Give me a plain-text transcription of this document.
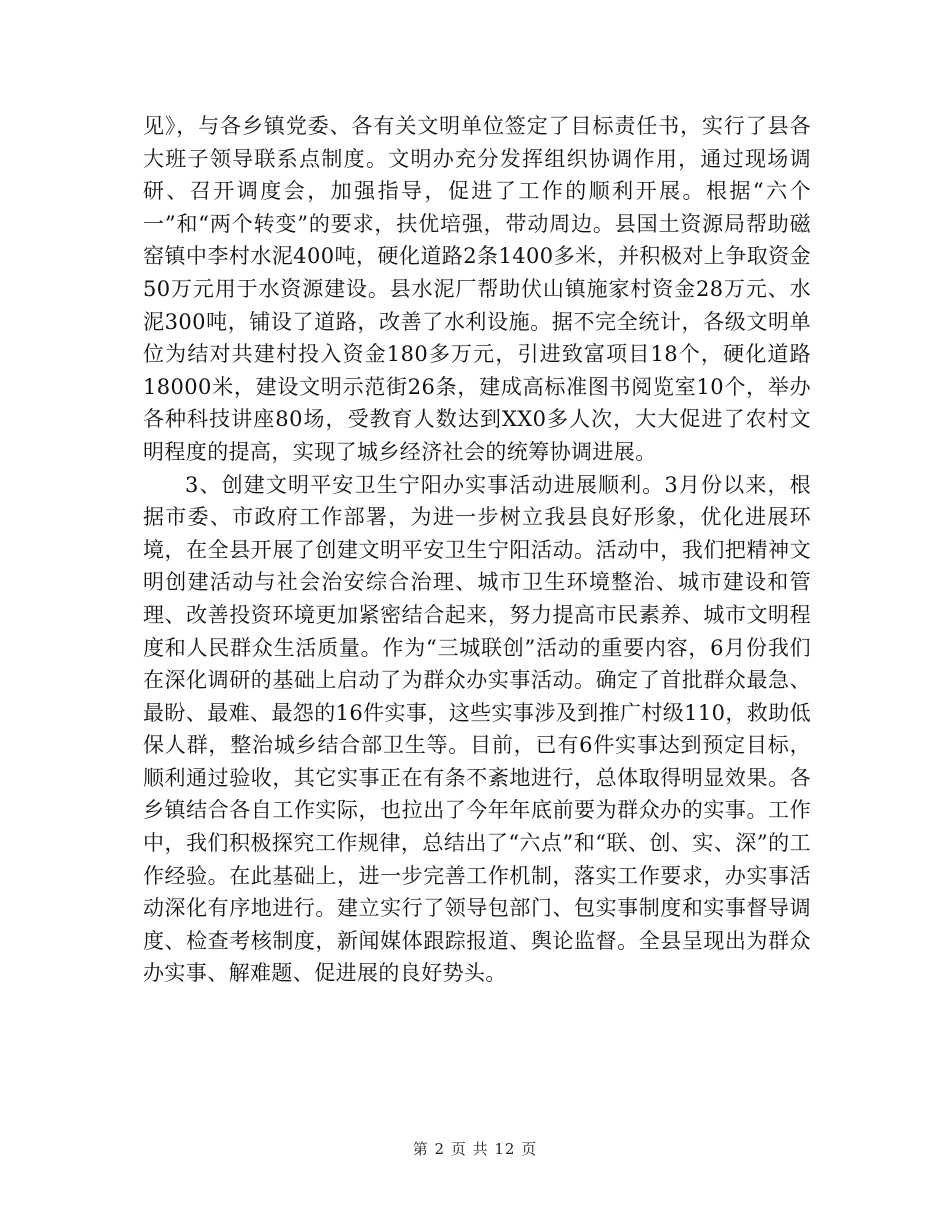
见》，与各乡镇党委、各有关文明单位签定了目标责任书，实行了县各大班子领导联系点制度。文明办充分发挥组织协调作用，通过现场调研、召开调度会，加强指导，促进了工作的顺利开展。根据“六个一”和“两个转变”的要求，扶优培强，带动周边。县国土资源局帮助磁窑镇中李村水泥400吨，硬化道路2条1400多米，并积极对上争取资金50万元用于水资源建设。县水泥厂帮助伏山镇施家村资金28万元、水泥300吨，铺设了道路，改善了水利设施。据不完全统计，各级文明单位为结对共建村投入资金180多万元，引进致富项目18个，硬化道路18000米，建设文明示范街26条，建成高标准图书阅览室10个，举办各种科技讲座80场，受教育人数达到XX0多人次，大大促进了农村文明程度的提高，实现了城乡经济社会的统筹协调进展。

3、创建文明平安卫生宁阳办实事活动进展顺利。3月份以来，根据市委、市政府工作部署，为进一步树立我县良好形象，优化进展环境，在全县开展了创建文明平安卫生宁阳活动。活动中，我们把精神文明创建活动与社会治安综合治理、城市卫生环境整治、城市建设和管理、改善投资环境更加紧密结合起来，努力提高市民素养、城市文明程度和人民群众生活质量。作为“三城联创”活动的重要内容，6月份我们在深化调研的基础上启动了为群众办实事活动。确定了首批群众最急、最盼、最难、最怨的16件实事，这些实事涉及到推广村级110，救助低保人群，整治城乡结合部卫生等。目前，已有6件实事达到预定目标，顺利通过验收，其它实事正在有条不紊地进行，总体取得明显效果。各乡镇结合各自工作实际，也拉出了今年年底前要为群众办的实事。工作中，我们积极探究工作规律，总结出了“六点”和“联、创、实、深”的工作经验。在此基础上，进一步完善工作机制，落实工作要求，办实事活动深化有序地进行。建立实行了领导包部门、包实事制度和实事督导调度、检查考核制度，新闻媒体跟踪报道、舆论监督。全县呈现出为群众办实事、解难题、促进展的良好势头。

第 2 页 共 12 页
